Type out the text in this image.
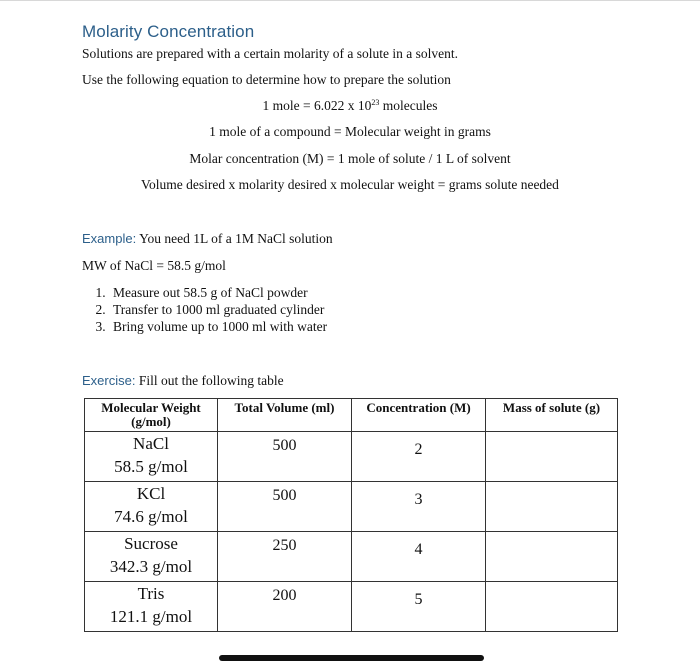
Molarity Concentration
Solutions are prepared with a certain molarity of a solute in a solvent.
Use the following equation to determine how to prepare the solution
1 mole = 6.022 x $10^{23}$ molecules
1 mole of a compound = Molecular weight in grams
Molar concentration (M) = 1 mole of solute / 1 L of solvent
Volume desired x molarity desired x molecular weight = grams solute needed
Example: You need 1L of a 1M NaCl solution
MW of NaCl = 58.5 g/mol
1. Measure out 58.5 g of NaCl powder
2. Transfer to 1000 ml graduated cylinder
3. Bring volume up to 1000 ml with water
Exercise: Fill out the following table
Molecular Weight (g/mol)	Total Volume (ml)	Concentration (M)	Mass of solute (g)

NaCl
58.5 g/mol	500	2	

KCl
74.6 g/mol	500	3	

Sucrose
342.3 g/mol	250	4	

Tris
121.1 g/mol	200	5	
